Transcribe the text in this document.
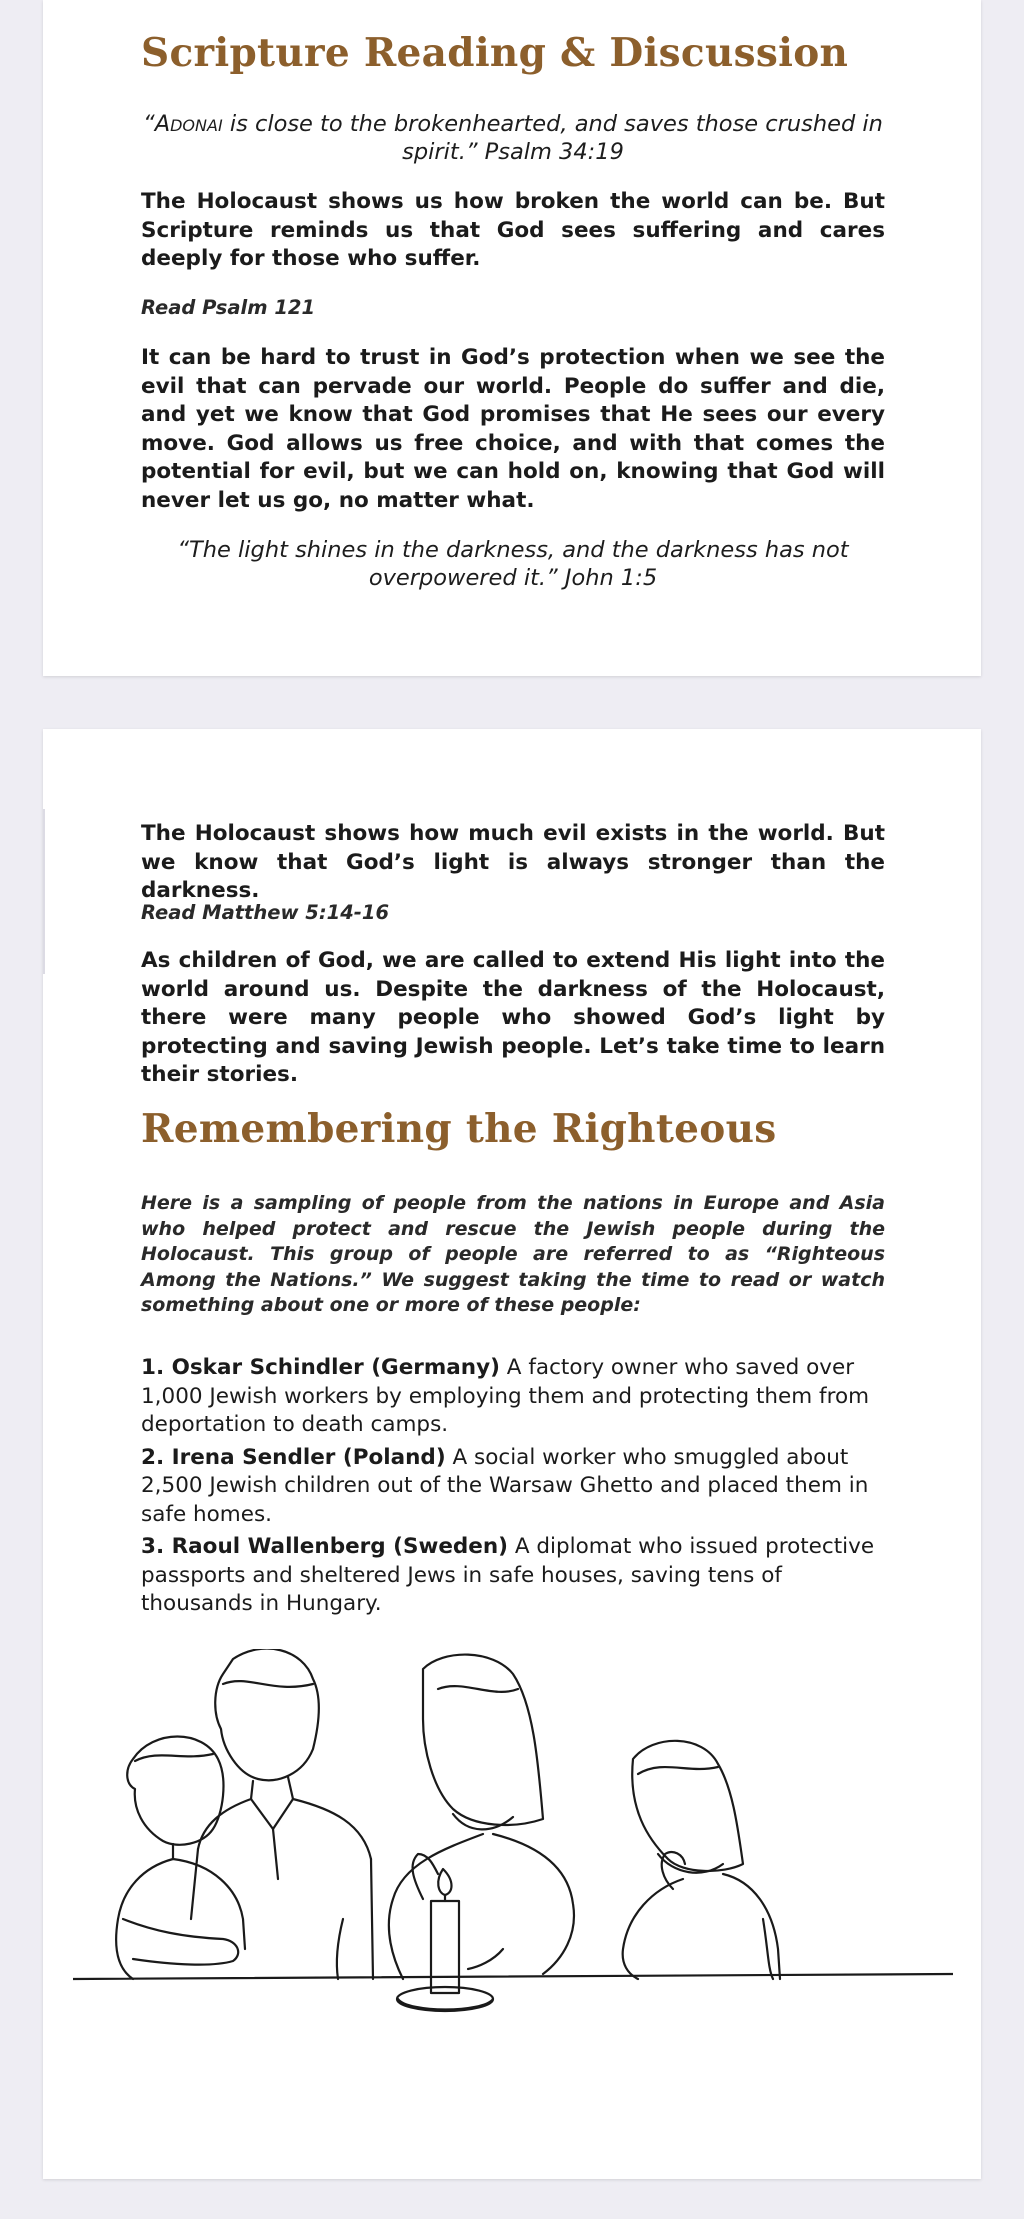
Scripture Reading & Discussion

“Adonai is close to the brokenhearted, and saves those crushed in spirit.” Psalm 34:19

The Holocaust shows us how broken the world can be. But Scripture reminds us that God sees suffering and cares deeply for those who suffer.

Read Psalm 121

It can be hard to trust in God’s protection when we see the evil that can pervade our world. People do suffer and die, and yet we know that God promises that He sees our every move. God allows us free choice, and with that comes the potential for evil, but we can hold on, knowing that God will never let us go, no matter what.

“The light shines in the darkness, and the darkness has not overpowered it.” John 1:5

The Holocaust shows how much evil exists in the world. But we know that God’s light is always stronger than the darkness.

Read Matthew 5:14-16

As children of God, we are called to extend His light into the world around us. Despite the darkness of the Holocaust, there were many people who showed God’s light by protecting and saving Jewish people. Let’s take time to learn their stories.

Remembering the Righteous

Here is a sampling of people from the nations in Europe and Asia who helped protect and rescue the Jewish people during the Holocaust. This group of people are referred to as “Righteous Among the Nations.” We suggest taking the time to read or watch something about one or more of these people:

1. Oskar Schindler (Germany) A factory owner who saved over 1,000 Jewish workers by employing them and protecting them from deportation to death camps.

2. Irena Sendler (Poland) A social worker who smuggled about 2,500 Jewish children out of the Warsaw Ghetto and placed them in safe homes.

3. Raoul Wallenberg (Sweden) A diplomat who issued protective passports and sheltered Jews in safe houses, saving tens of thousands in Hungary.
